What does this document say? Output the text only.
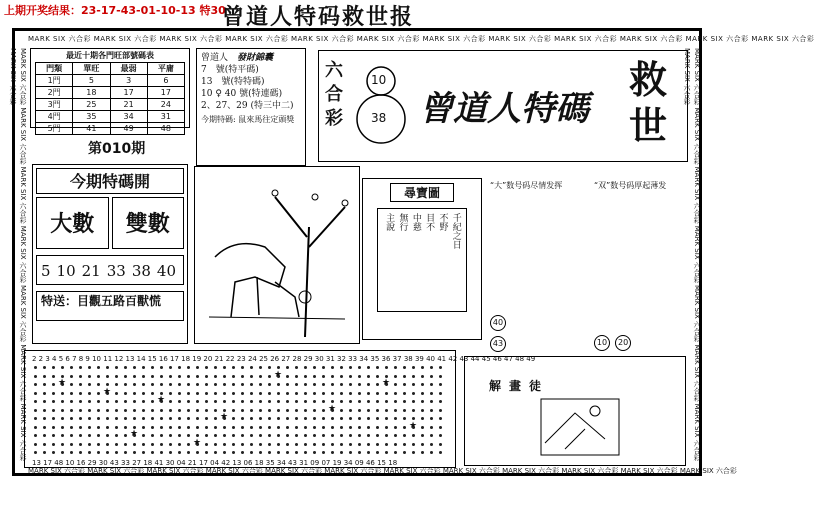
上期开奖结果：23-17-43-01-10-13 特30
曾道人特码救世报
MARK SIX 六合彩 MARK SIX 六合彩 MARK SIX 六合彩 MARK SIX 六合彩 MARK SIX 六合彩 MARK SIX 六合彩 MARK SIX 六合彩 MARK SIX 六合彩 MARK SIX 六合彩 MARK SIX 六合彩 MARK SIX 六合彩 MARK SIX 六合彩
MARK SIX 六合彩 MARK SIX 六合彩 MARK SIX 六合彩 MARK SIX 六合彩 MARK SIX 六合彩 MARK SIX 六合彩 MARK SIX 六合彩 MARK SIX 六合彩 MARK SIX 六合彩 MARK SIX 六合彩 MARK SIX 六合彩 MARK SIX 六合彩
MARK SIX 六合彩 MARK SIX 六合彩 MARK SIX 六合彩 MARK SIX 六合彩 MARK SIX 六合彩 MARK SIX 六合彩 MARK SIX 六合彩 MARK SIX 六合彩	MARK SIX 六合彩 MARK SIX 六合彩 MARK SIX 六合彩 MARK SIX 六合彩 MARK SIX 六合彩 MARK SIX 六合彩 MARK SIX 六合彩 MARK SIX 六合彩
最近十期各門旺部號碼表
門類	單旺	最弱	平庸
1門	5	3	6
2門	18	17	17
3門	25	21	24
4門	35	34	31
5門	41	49	48
曾道人　 發財錦囊
7　號(特平碼)
13　號(特特碼)
10 ♀ 40 號(特連碼)
2、27、29 (特三中二)
今期特碼: 鼠來馬往定頭獎
第010期
今期特碼開
大數	雙數
5 10 21 33 38 40
特送：目觀五路百獸慌
六合彩
10
38 曾道人特碼
救世
尋寶圖
千紀之日
不野
目不
中慈
無行
主說
“大”数号码尽情发挥
40
43
“双”数号码厚起薄发
10 20
2 2 3 4 5 6 7 8 9 10 11 12 13 14 15 16 17 18 19 20 21 22 23 24 25 26 27 28 29 30 31 32 33 34 35 36 37 38 39 40 41 42 43 44 45 46 47 48 49
★
★
★
★
★
★
★
★
★
★
13 17 48 10 16 29 30 43 33 27 18 41 30 04 21 17 04 42 13 06 18 35 34 43 31 09 07 19 34 09 46 15 18
解畫徒
